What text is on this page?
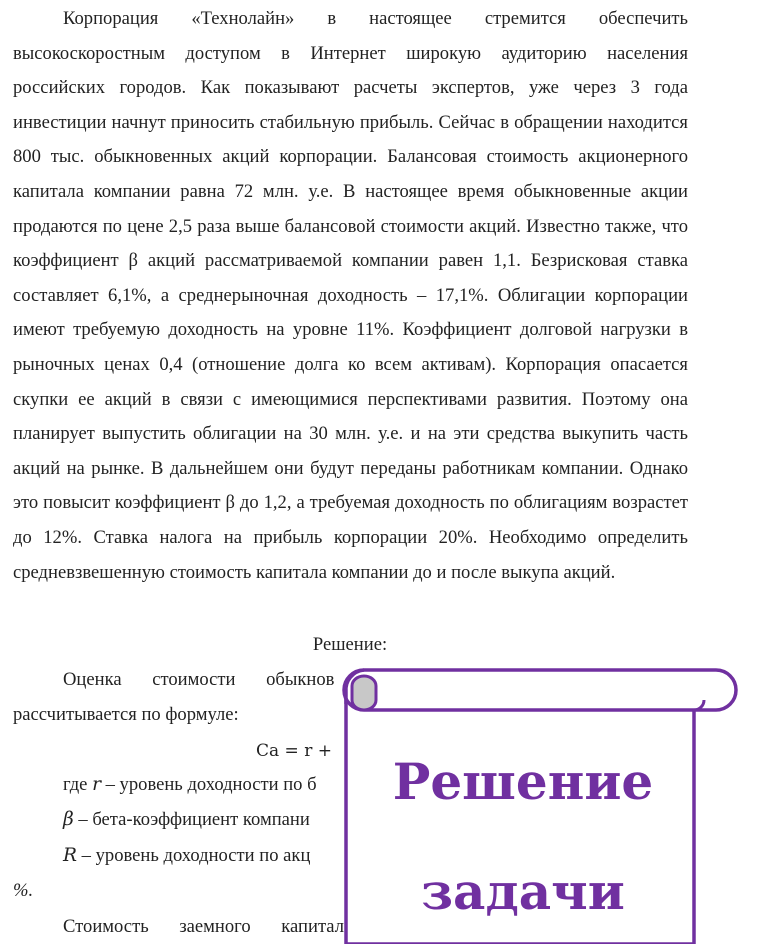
Корпорация «Технолайн» в настоящее стремится обеспечить высокоскоростным доступом в Интернет широкую аудиторию населения российских городов. Как показывают расчеты экспертов, уже через 3 года инвестиции начнут приносить стабильную прибыль. Сейчас в обращении находится 800 тыс. обыкновенных акций корпорации. Балансовая стоимость акционерного капитала компании равна 72 млн. у.е. В настоящее время обыкновенные акции продаются по цене 2,5 раза выше балансовой стоимости акций. Известно также, что коэффициент β акций рассматриваемой компании равен 1,1. Безрисковая ставка составляет 6,1%, а среднерыночная доходность – 17,1%. Облигации корпорации имеют требуемую доходность на уровне 11%. Коэффициент долговой нагрузки в рыночных ценах 0,4 (отношение долга ко всем активам). Корпорация опасается скупки ее акций в связи с имеющимися перспективами развития. Поэтому она планирует выпустить облигации на 30 млн. у.е. и на эти средства выкупить часть акций на рынке. В дальнейшем они будут переданы работникам компании. Однако это повысит коэффициент β до 1,2, а требуемая доходность по облигациям возрастет до 12%. Ставка налога на прибыль корпорации 20%. Необходимо определить средневзвешенную стоимость капитала компании до и после выкупа акций.

Решение:

Оценка стоимости обыкнов

рассчитывается по формуле:

Ca = r +

где r – уровень доходности по б

β – бета-коэффициент компани

R – уровень доходности по акц

%.

Стоимость заемного капитал

Решение

задачи
